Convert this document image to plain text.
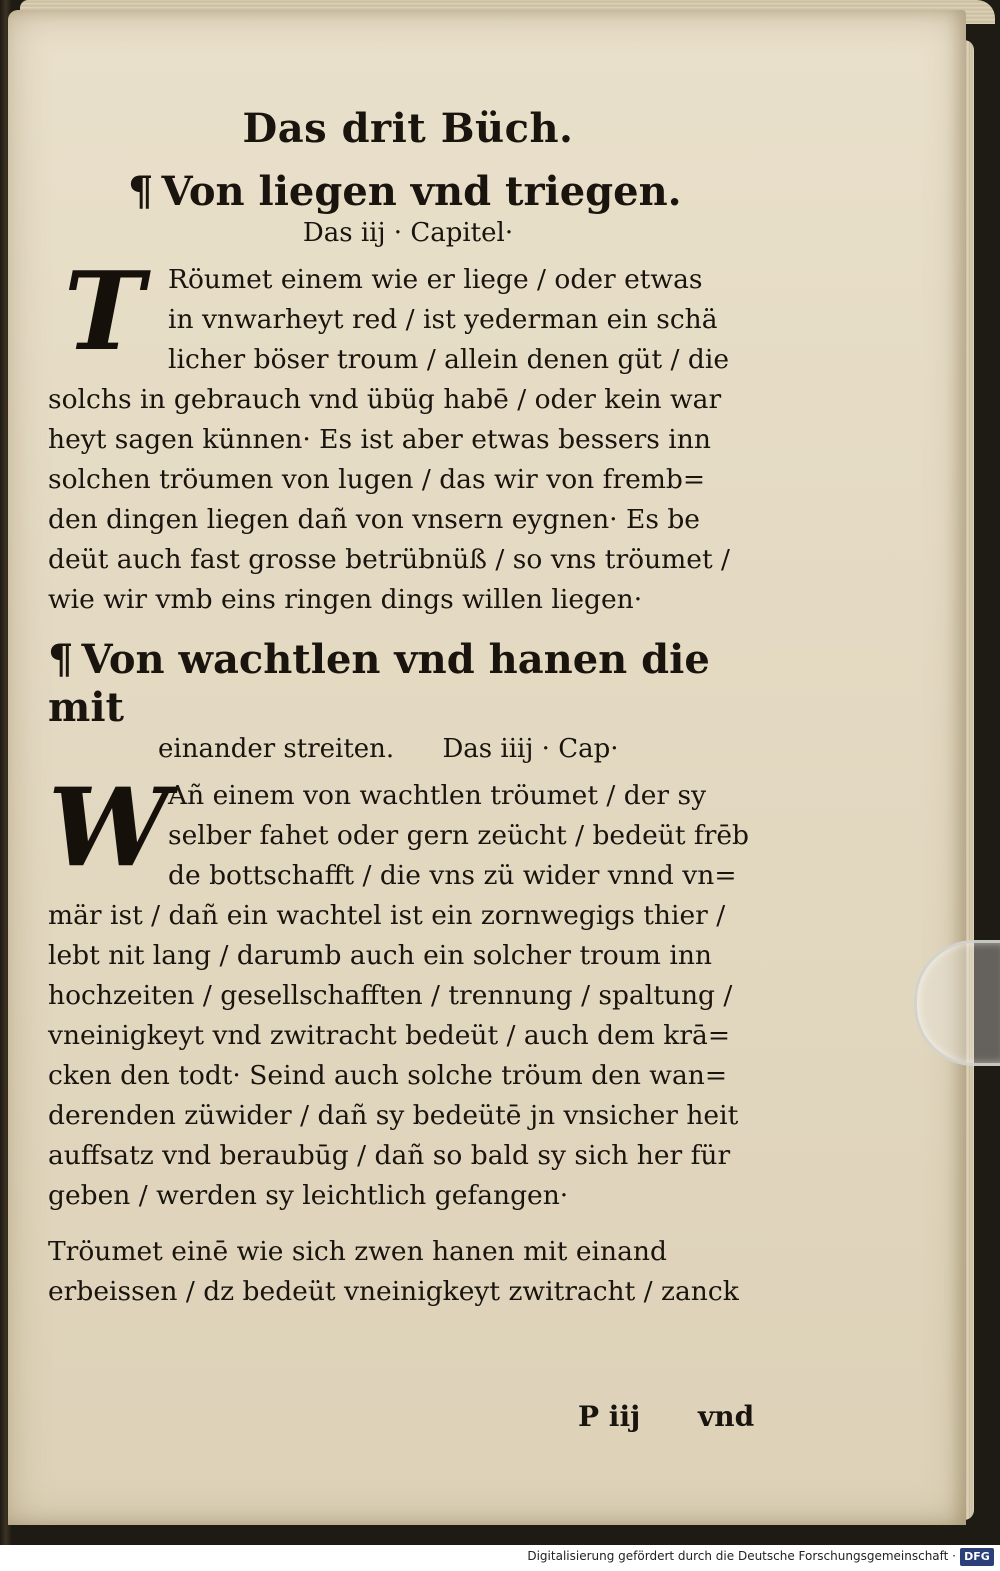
Das drit Büch.
¶ Von liegen vnd triegen.
Das iij · Capitel·
T Röumet einem wie er liege / oder etwas
in vnwarheyt red / ist yederman ein schä
licher böser troum / allein denen güt / die
solchs in gebrauch vnd übüg habē / oder kein war
heyt sagen künnen· Es ist aber etwas bessers inn
solchen tröumen von lugen / das wir von fremb=
den dingen liegen dañ von vnsern eygnen· Es be
deüt auch fast grosse betrübnüß / so vns tröumet /
wie wir vmb eins ringen dings willen liegen·
¶ Von wachtlen vnd hanen die mit
einander streiten. Das iiij · Cap·
W
Añ einem von wachtlen tröumet / der sy
selber fahet oder gern zeücht / bedeüt frēb
de bottschafft / die vns zü wider vnnd vn=
mär ist / dañ ein wachtel ist ein zornwegigs thier /
lebt nit lang / darumb auch ein solcher troum inn
hochzeiten / gesellschafften / trennung / spaltung /
vneinigkeyt vnd zwitracht bedeüt / auch dem krā=
cken den todt· Seind auch solche tröum den wan=
derenden züwider / dañ sy bedeütē jn vnsicher heit
auffsatz vnd beraubūg / dañ so bald sy sich her für
geben / werden sy leichtlich gefangen·
Tröumet einē wie sich zwen hanen mit einand
erbeissen / dz bedeüt vneinigkeyt zwitracht / zanck
P iij vnd
Digitalisierung gefördert durch die Deutsche Forschungsgemeinschaft · DFG
